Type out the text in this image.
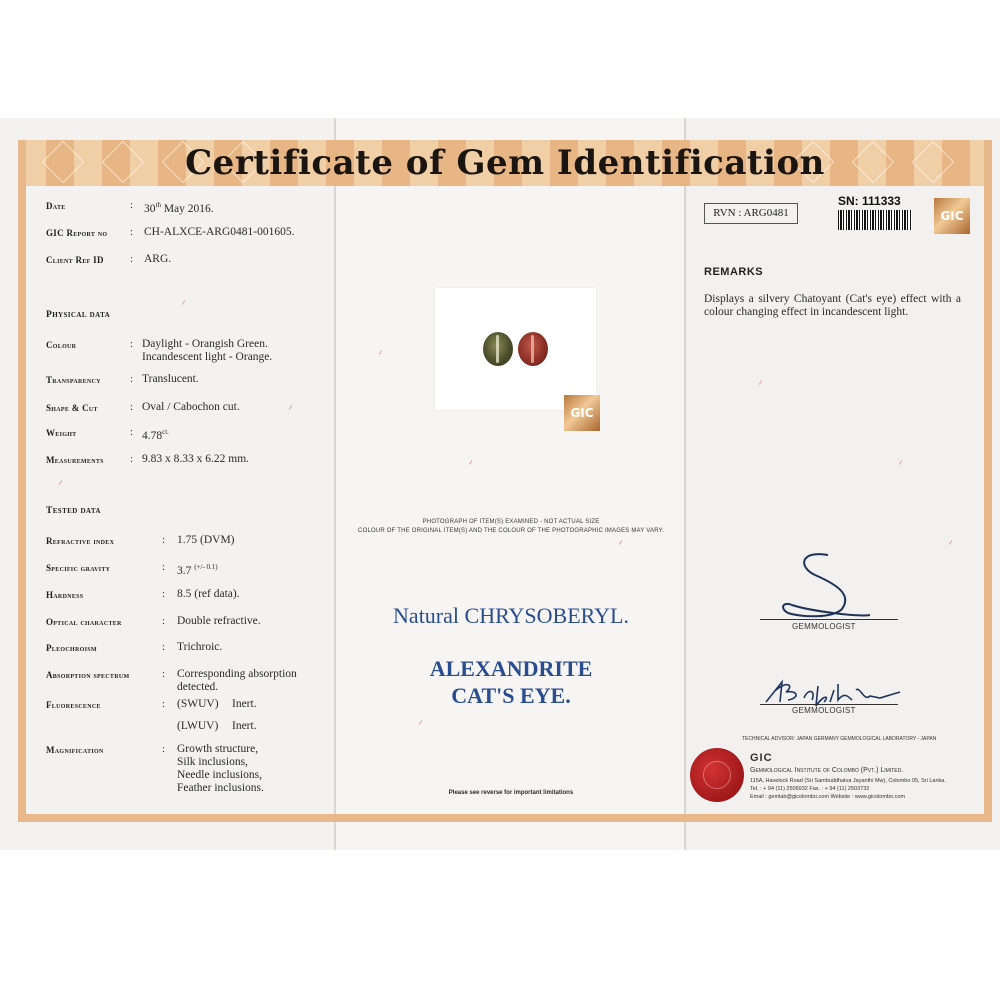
Certificate of Gem Identification
Date	: 30th May 2016.
GIC Report no : CH-ALXCE-ARG0481-001605.
Client Ref ID : ARG.
Physical data
Colour	: Daylight - Orangish Green.
Incandescent light - Orange.
Transparency	: Translucent.
Shape & Cut	: Oval / Cabochon cut.
Weight	: $4.78^{ct.}$
Measurements : 9.83 x 8.33 x 6.22 mm.
Tested data
Refractive index	: 1.75 (DVM)
Specific gravity	: 3.7 $^{(+/- 0.1)}$
Hardness	: 8.5 (ref data).
Optical character	: Double refractive.
Pleochroism	: Trichroic.
Absorption spectrum	: Corresponding absorption
detected.
Fluorescence	: (SWUV) Inert.
(LWUV) Inert.
Magnification	: Growth structure,
Silk inclusions,
Needle inclusions,
Feather inclusions.
GIC
PHOTOGRAPH OF ITEM(S) EXAMINED - NOT ACTUAL SIZE
COLOUR OF THE ORIGINAL ITEM(S) AND THE COLOUR OF THE PHOTOGRAPHIC IMAGES MAY VARY.
Natural CHRYSOBERYL.
ALEXANDRITE
CAT'S EYE.
Please see reverse for important limitations
RVN : ARG0481
SN: 111333
GIC
REMARKS
Displays a silvery Chatoyant (Cat's eye) effect with a colour changing effect in incandescent light.
GEMMOLOGIST
GEMMOLOGIST
TECHNICAL ADVISOR: JAPAN GERMANY GEMMOLOGICAL LABORATORY - JAPAN
GIC
Gemmological Institute of Colombo (Pvt.) Limited.
115A, Havelock Road (Sri Sambuddhatva Jayanthi Mw), Colombo 05, Sri Lanka.
Tel. : + 94 (11) 2506932 Fax. : + 94 (11) 2503732
Email : gemlab@gicolombo.com Website : www.gicolombo.com
